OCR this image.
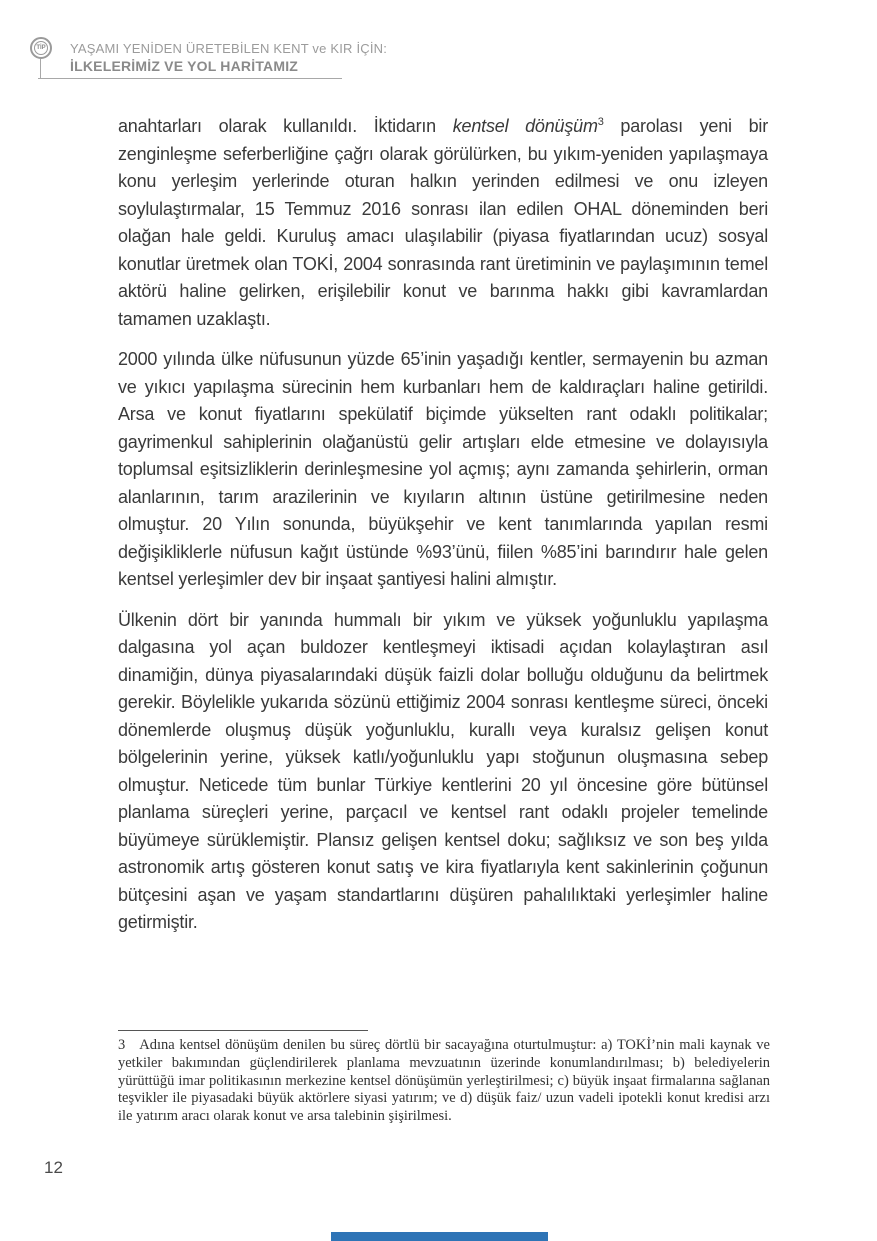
TİP YAŞAMI YENİDEN ÜRETEBİLEN KENT ve KIR İÇİN:
İLKELERİMİZ VE YOL HARİTAMIZ

anahtarları olarak kullanıldı. İktidarın kentsel dönüşüm$^3$ parolası yeni bir zenginleşme seferberliğine çağrı olarak görülürken, bu yıkım-yeniden yapılaşmaya konu yerleşim yerlerinde oturan halkın yerinden edilmesi ve onu izleyen soylulaştırmalar, 15 Temmuz 2016 sonrası ilan edilen OHAL döneminden beri olağan hale geldi. Kuruluş amacı ulaşılabilir (piyasa fiyatlarından ucuz) sosyal konutlar üretmek olan TOKİ, 2004 sonrasında rant üretiminin ve paylaşımının temel aktörü haline gelirken, erişilebilir konut ve barınma hakkı gibi kavramlardan tamamen uzaklaştı.

2000 yılında ülke nüfusunun yüzde 65’inin yaşadığı kentler, sermayenin bu azman ve yıkıcı yapılaşma sürecinin hem kurbanları hem de kaldıraçları haline getirildi. Arsa ve konut fiyatlarını spekülatif biçimde yükselten rant odaklı politikalar; gayrimenkul sahiplerinin olağanüstü gelir artışları elde etmesine ve dolayısıyla toplumsal eşitsizliklerin derinleşmesine yol açmış; aynı zamanda şehirlerin, orman alanlarının, tarım arazilerinin ve kıyıların altının üstüne getirilmesine neden olmuştur. 20 Yılın sonunda, büyükşehir ve kent tanımlarında yapılan resmi değişikliklerle nüfusun kağıt üstünde %93’ünü, fiilen %85’ini barındırır hale gelen kentsel yerleşimler dev bir inşaat şantiyesi halini almıştır.

Ülkenin dört bir yanında hummalı bir yıkım ve yüksek yoğunluklu yapılaşma dalgasına yol açan buldozer kentleşmeyi iktisadi açıdan kolaylaştıran asıl dinamiğin, dünya piyasalarındaki düşük faizli dolar bolluğu olduğunu da belirtmek gerekir. Böylelikle yukarıda sözünü ettiğimiz 2004 sonrası kentleşme süreci, önceki dönemlerde oluşmuş düşük yoğunluklu, kurallı veya kuralsız gelişen konut bölgelerinin yerine, yüksek katlı/yoğunluklu yapı stoğunun oluşmasına sebep olmuştur. Neticede tüm bunlar Türkiye kentlerini 20 yıl öncesine göre bütünsel planlama süreçleri yerine, parçacıl ve kentsel rant odaklı projeler temelinde büyümeye sürüklemiştir. Plansız gelişen kentsel doku; sağlıksız ve son beş yılda astronomik artış gösteren konut satış ve kira fiyatlarıyla kent sakinlerinin çoğunun bütçesini aşan ve yaşam standartlarını düşüren pahalılıktaki yerleşimler haline getirmiştir.

3 Adına kentsel dönüşüm denilen bu süreç dörtlü bir sacayağına oturtulmuştur: a) TOKİ’nin mali kaynak ve yetkiler bakımından güçlendirilerek planlama mevzuatının üzerinde konumlandırılması; b) belediyelerin yürüttüğü imar politikasının merkezine kentsel dönüşümün yerleştirilmesi; c) büyük inşaat firmalarına sağlanan teşvikler ile piyasadaki büyük aktörlere siyasi yatırım; ve d) düşük faiz/ uzun vadeli ipotekli konut kredisi arzı ile yatırım aracı olarak konut ve arsa talebinin şişirilmesi.
12
